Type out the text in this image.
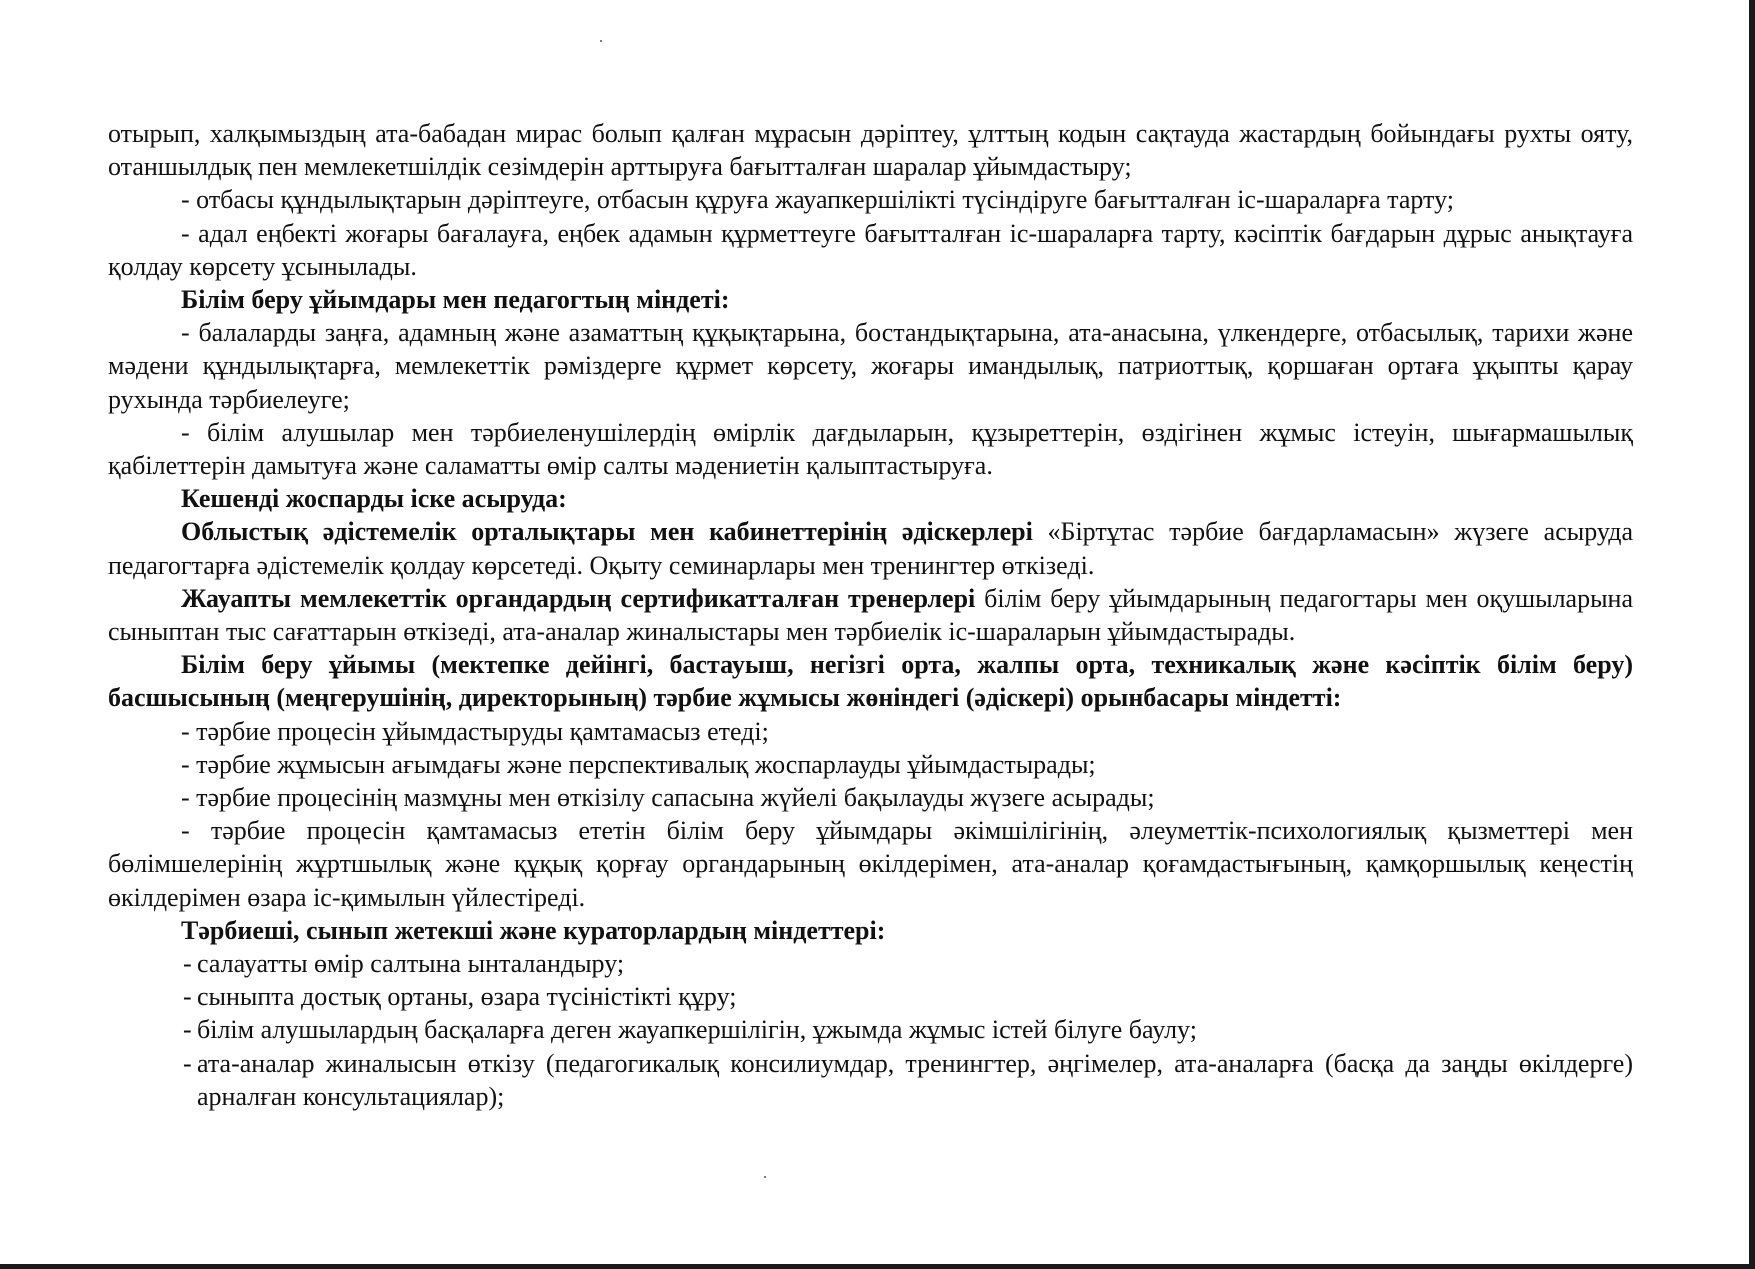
отырып, халқымыздың ата-бабадан мирас болып қалған мұрасын дәріптеу, ұлттың кодын сақтауда жастардың бойындағы рухты ояту, отаншылдық пен мемлекетшілдік сезімдерін арттыруға бағытталған шаралар ұйымдастыру;

- отбасы құндылықтарын дәріптеуге, отбасын құруға жауапкершілікті түсіндіруге бағытталған іс-шараларға тарту;

- адал еңбекті жоғары бағалауға, еңбек адамын құрметтеуге бағытталған іс-шараларға тарту, кәсіптік бағдарын дұрыс анықтауға қолдау көрсету ұсынылады.

Білім беру ұйымдары мен педагогтың міндеті:

- балаларды заңға, адамның және азаматтың құқықтарына, бостандықтарына, ата-анасына, үлкендерге, отбасылық, тарихи және мәдени құндылықтарға, мемлекеттік рәміздерге құрмет көрсету, жоғары имандылық, патриоттық, қоршаған ортаға ұқыпты қарау рухында тәрбиелеуге;

- білім алушылар мен тәрбиеленушілердің өмірлік дағдыларын, құзыреттерін, өздігінен жұмыс істеуін, шығармашылық қабілеттерін дамытуға және саламатты өмір салты мәдениетін қалыптастыруға.

Кешенді жоспарды іске асыруда:

Облыстық әдістемелік орталықтары мен кабинеттерінің әдіскерлері «Біртұтас тәрбие бағдарламасын» жүзеге асыруда педагогтарға әдістемелік қолдау көрсетеді. Оқыту семинарлары мен тренингтер өткізеді.

Жауапты мемлекеттік органдардың сертификатталған тренерлері білім беру ұйымдарының педагогтары мен оқушыларына сыныптан тыс сағаттарын өткізеді, ата-аналар жиналыстары мен тәрбиелік іс-шараларын ұйымдастырады.

Білім беру ұйымы (мектепке дейінгі, бастауыш, негізгі орта, жалпы орта, техникалық және кәсіптік білім беру) басшысының (меңгерушінің, директорының) тәрбие жұмысы жөніндегі (әдіскері) орынбасары міндетті:

- тәрбие процесін ұйымдастыруды қамтамасыз етеді;

- тәрбие жұмысын ағымдағы және перспективалық жоспарлауды ұйымдастырады;

- тәрбие процесінің мазмұны мен өткізілу сапасына жүйелі бақылауды жүзеге асырады;

- тәрбие процесін қамтамасыз ететін білім беру ұйымдары әкімшілігінің, әлеуметтік-психологиялық қызметтері мен бөлімшелерінің жұртшылық және құқық қорғау органдарының өкілдерімен, ата-аналар қоғамдастығының, қамқоршылық кеңестің өкілдерімен өзара іс-қимылын үйлестіреді.

Тәрбиеші, сынып жетекші және кураторлардың міндеттері:

- салауатты өмір салтына ынталандыру;
- сыныпта достық ортаны, өзара түсіністікті құру;
- білім алушылардың басқаларға деген жауапкершілігін, ұжымда жұмыс істей білуге баулу;
- ата-аналар жиналысын өткізу (педагогикалық консилиумдар, тренингтер, әңгімелер, ата-аналарға (басқа да заңды өкілдерге) арналған консультациялар);
